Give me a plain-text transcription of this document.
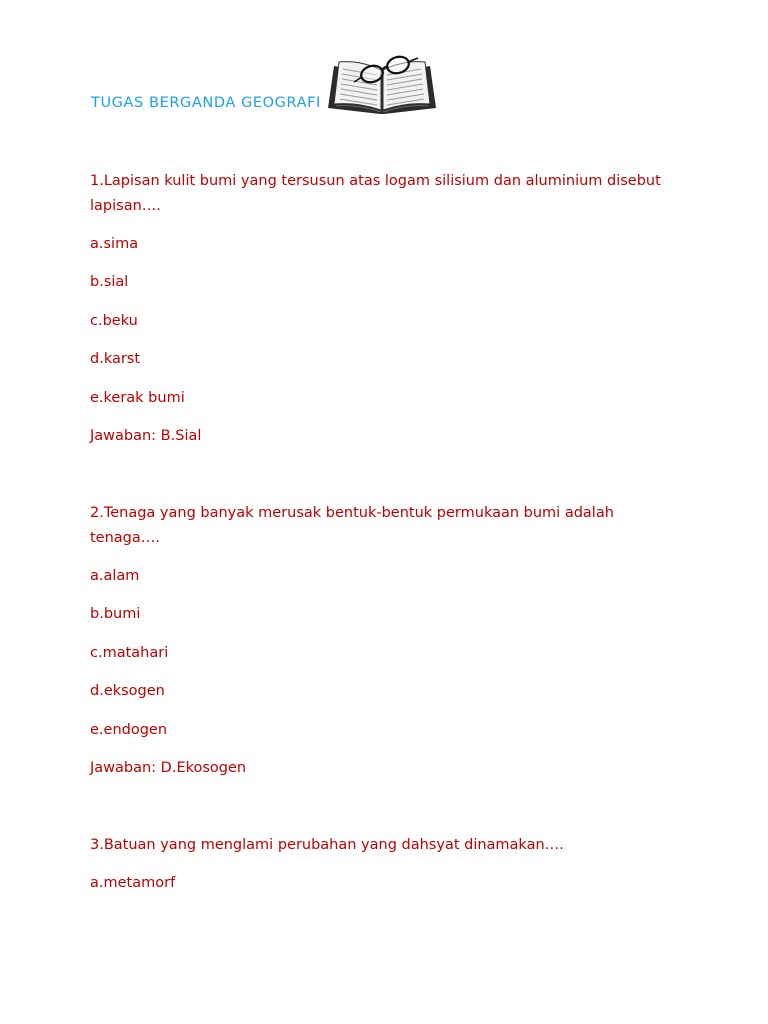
TUGAS BERGANDA GEOGRAFI
1.Lapisan kulit bumi yang tersusun atas logam silisium dan aluminium disebut lapisan….
a.sima
b.sial
c.beku
d.karst
e.kerak bumi
Jawaban: B.Sial
2.Tenaga yang banyak merusak bentuk-bentuk permukaan bumi adalah tenaga….
a.alam
b.bumi
c.matahari
d.eksogen
e.endogen
Jawaban: D.Ekosogen
3.Batuan yang menglami perubahan yang dahsyat dinamakan….
a.metamorf
